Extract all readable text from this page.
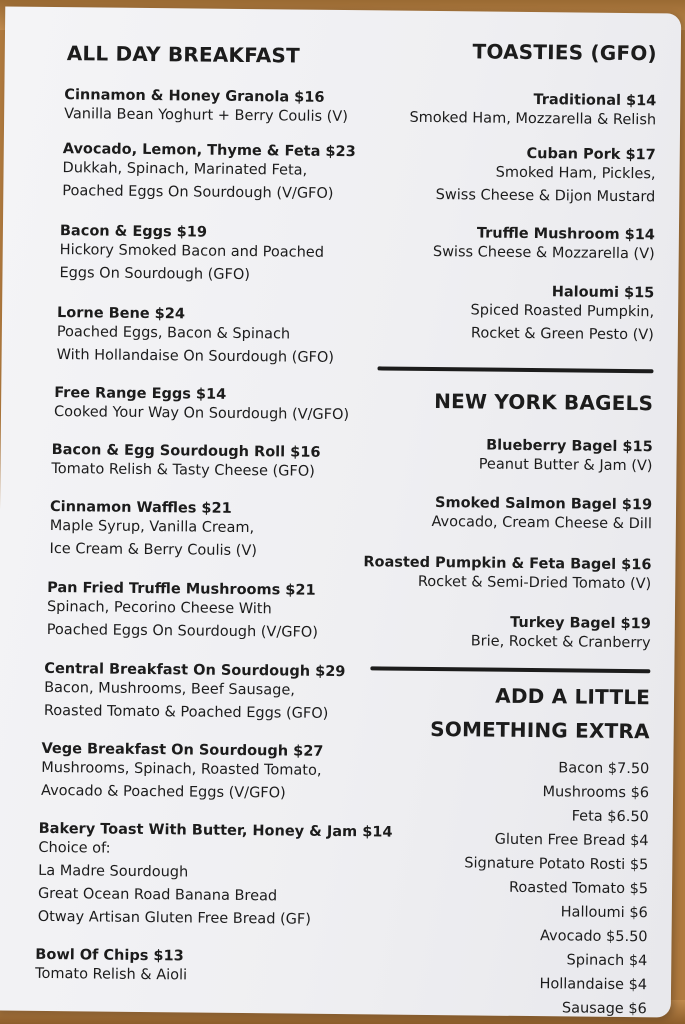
ALL DAY BREAKFAST
Cinnamon & Honey Granola $16
Vanilla Bean Yoghurt + Berry Coulis (V)
Avocado, Lemon, Thyme & Feta $23
Dukkah, Spinach, Marinated Feta,
Poached Eggs On Sourdough (V/GFO)
Bacon & Eggs $19
Hickory Smoked Bacon and Poached
Eggs On Sourdough (GFO)
Lorne Bene $24
Poached Eggs, Bacon & Spinach
With Hollandaise On Sourdough (GFO)
Free Range Eggs $14
Cooked Your Way On Sourdough (V/GFO)
Bacon & Egg Sourdough Roll $16
Tomato Relish & Tasty Cheese (GFO)
Cinnamon Waffles $21
Maple Syrup, Vanilla Cream,
Ice Cream & Berry Coulis (V)
Pan Fried Truffle Mushrooms $21
Spinach, Pecorino Cheese With
Poached Eggs On Sourdough (V/GFO)
Central Breakfast On Sourdough $29
Bacon, Mushrooms, Beef Sausage,
Roasted Tomato & Poached Eggs (GFO)
Vege Breakfast On Sourdough $27
Mushrooms, Spinach, Roasted Tomato,
Avocado & Poached Eggs (V/GFO)
Bakery Toast With Butter, Honey & Jam $14
Choice of:
La Madre Sourdough
Great Ocean Road Banana Bread
Otway Artisan Gluten Free Bread (GF)
Bowl Of Chips $13
Tomato Relish & Aioli
TOASTIES (GFO)
Traditional $14
Smoked Ham, Mozzarella & Relish
Cuban Pork $17
Smoked Ham, Pickles,
Swiss Cheese & Dijon Mustard
Truffle Mushroom $14
Swiss Cheese & Mozzarella (V)
Haloumi $15
Spiced Roasted Pumpkin,
Rocket & Green Pesto (V)
NEW YORK BAGELS
Blueberry Bagel $15
Peanut Butter & Jam (V)
Smoked Salmon Bagel $19
Avocado, Cream Cheese & Dill
Roasted Pumpkin & Feta Bagel $16
Rocket & Semi-Dried Tomato (V)
Turkey Bagel $19
Brie, Rocket & Cranberry
ADD A LITTLE
SOMETHING EXTRA
Bacon $7.50
Mushrooms $6
Feta $6.50
Gluten Free Bread $4
Signature Potato Rosti $5
Roasted Tomato $5
Halloumi $6
Avocado $5.50
Spinach $4
Hollandaise $4
Sausage $6
